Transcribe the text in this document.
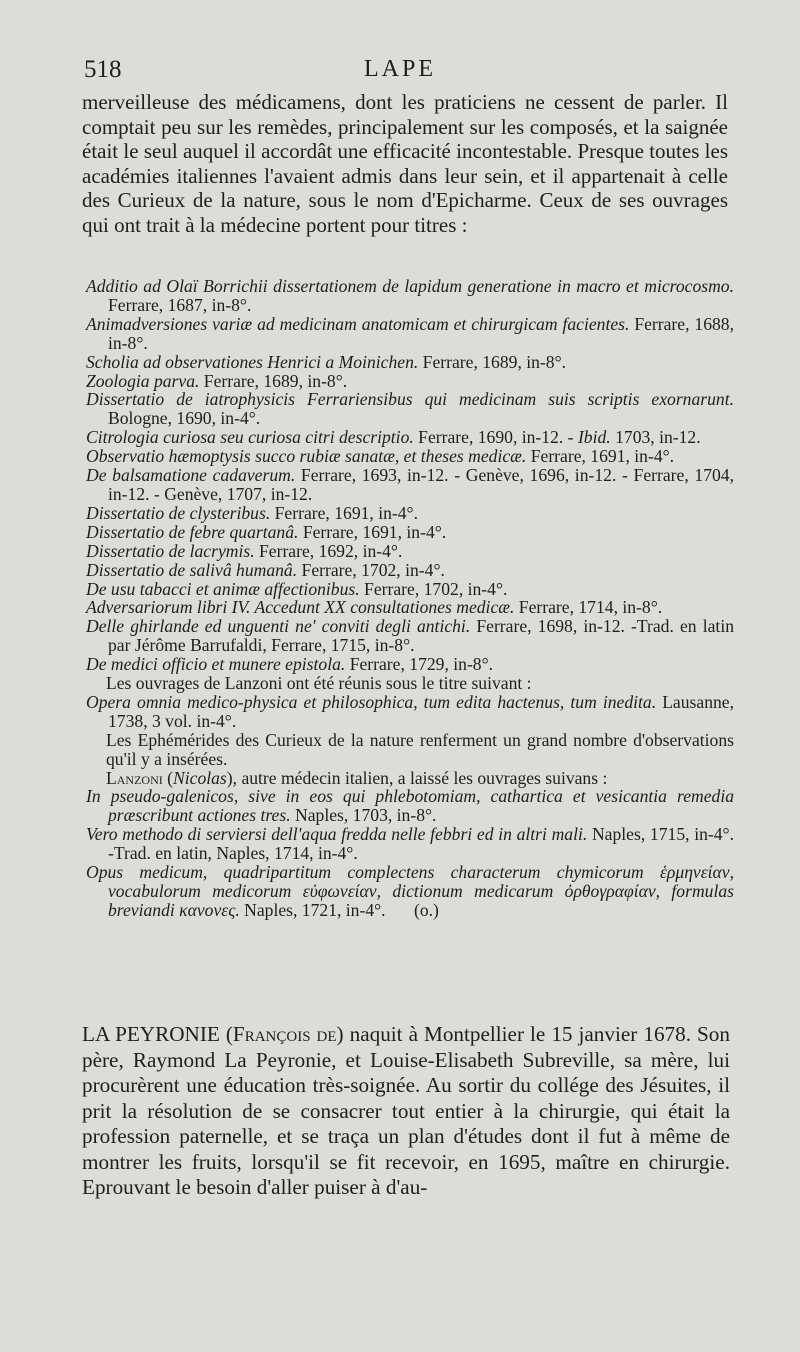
518	LAPE

merveilleuse des médicamens, dont les praticiens ne cessent de parler. Il comptait peu sur les remèdes, principalement sur les composés, et la saignée était le seul auquel il accordât une efficacité incontestable. Presque toutes les académies italiennes l'avaient admis dans leur sein, et il appartenait à celle des Curieux de la nature, sous le nom d'Epicharme. Ceux de ses ouvrages qui ont trait à la médecine portent pour titres :

Additio ad Olaï Borrichii dissertationem de lapidum generatione in macro et microcosmo. Ferrare, 1687, in-8°.

Animadversiones variæ ad medicinam anatomicam et chirurgicam facientes. Ferrare, 1688, in-8°.

Scholia ad observationes Henrici a Moinichen. Ferrare, 1689, in-8°.

Zoologia parva. Ferrare, 1689, in-8°.

Dissertatio de iatrophysicis Ferrariensibus qui medicinam suis scriptis exornarunt. Bologne, 1690, in-4°.

Citrologia curiosa seu curiosa citri descriptio. Ferrare, 1690, in-12. - Ibid. 1703, in-12.

Observatio hæmoptysis succo rubiæ sanatæ, et theses medicæ. Ferrare, 1691, in-4°.

De balsamatione cadaverum. Ferrare, 1693, in-12. - Genève, 1696, in-12. - Ferrare, 1704, in-12. - Genève, 1707, in-12.

Dissertatio de clysteribus. Ferrare, 1691, in-4°.

Dissertatio de febre quartanâ. Ferrare, 1691, in-4°.

Dissertatio de lacrymis. Ferrare, 1692, in-4°.

Dissertatio de salivâ humanâ. Ferrare, 1702, in-4°.

De usu tabacci et animæ affectionibus. Ferrare, 1702, in-4°.

Adversariorum libri IV. Accedunt XX consultationes medicæ. Ferrare, 1714, in-8°.

Delle ghirlande ed unguenti ne' conviti degli antichi. Ferrare, 1698, in-12. -Trad. en latin par Jérôme Barrufaldi, Ferrare, 1715, in-8°.

De medici officio et munere epistola. Ferrare, 1729, in-8°.

Les ouvrages de Lanzoni ont été réunis sous le titre suivant :

Opera omnia medico-physica et philosophica, tum edita hactenus, tum inedita. Lausanne, 1738, 3 vol. in-4°.

Les Ephémérides des Curieux de la nature renferment un grand nombre d'observations qu'il y a insérées.

Lanzoni (Nicolas), autre médecin italien, a laissé les ouvrages suivans :

In pseudo-galenicos, sive in eos qui phlebotomiam, cathartica et vesicantia remedia præscribunt actiones tres. Naples, 1703, in-8°.

Vero methodo di serviersi dell'aqua fredda nelle febbri ed in altri mali. Naples, 1715, in-4°. -Trad. en latin, Naples, 1714, in-4°.

Opus medicum, quadripartitum complectens characterum chymicorum ἑρμηνείαν, vocabulorum medicorum εὐφωνείαν, dictionum medicarum ὀρθογραφίαν, formulas breviandi κανονες. Naples, 1721, in-4°. (o.)

LA PEYRONIE (François de) naquit à Montpellier le 15 janvier 1678. Son père, Raymond La Peyronie, et Louise-Elisabeth Subreville, sa mère, lui procurèrent une éducation très-soignée. Au sortir du collége des Jésuites, il prit la résolution de se consacrer tout entier à la chirurgie, qui était la profession paternelle, et se traça un plan d'études dont il fut à même de montrer les fruits, lorsqu'il se fit recevoir, en 1695, maître en chirurgie. Eprouvant le besoin d'aller puiser à d'au-
